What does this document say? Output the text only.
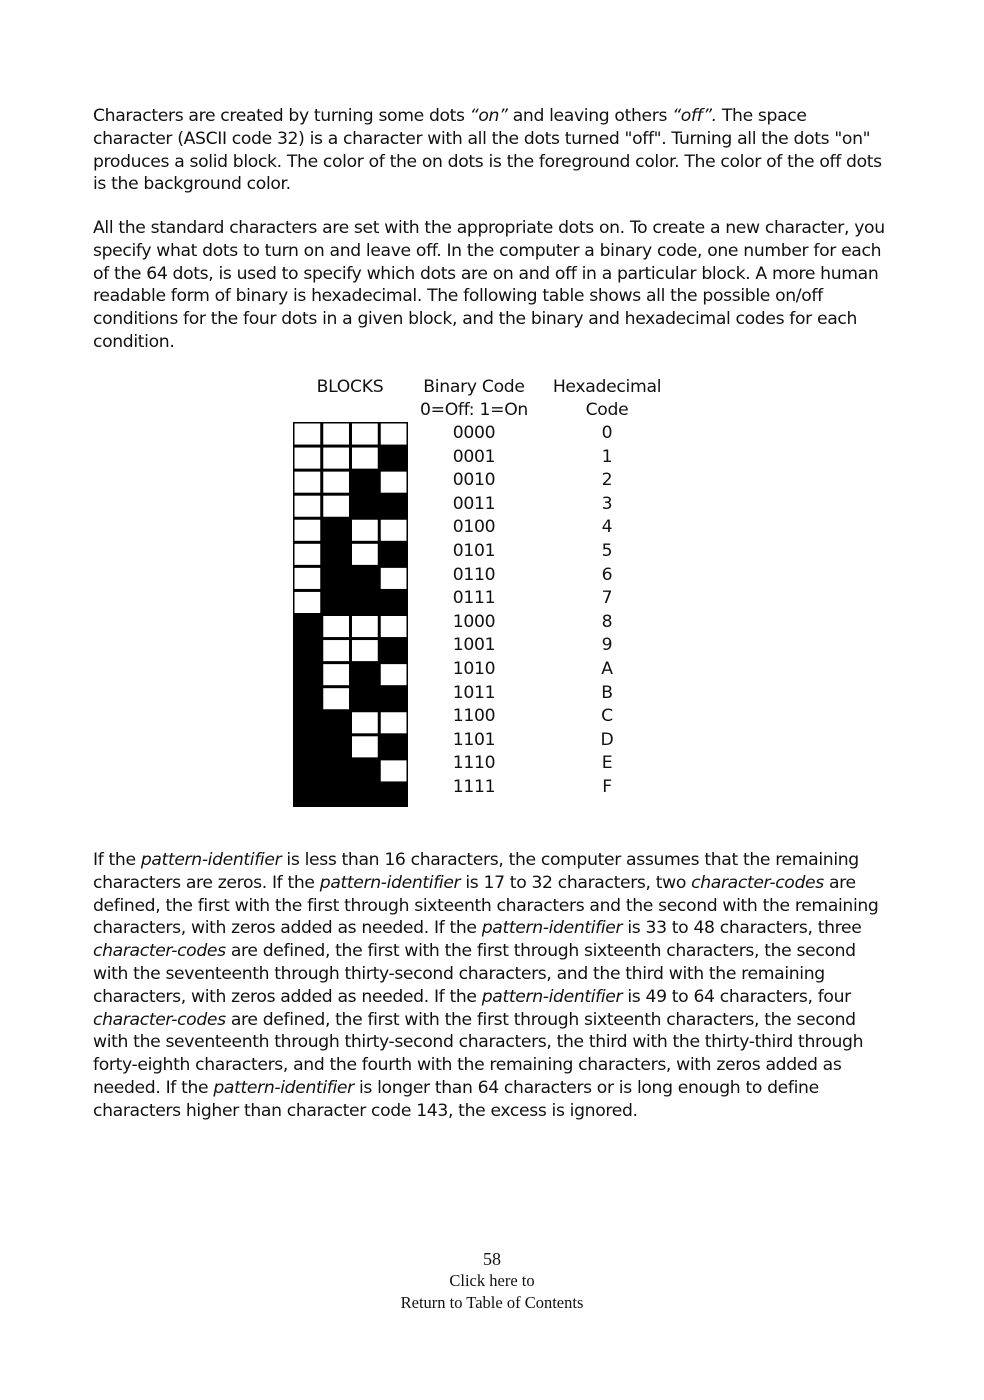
Characters are created by turning some dots “on” and leaving others “off”. The space character (ASCII code 32) is a character with all the dots turned "off". Turning all the dots "on" produces a solid block. The color of the on dots is the foreground color. The color of the off dots is the background color.

All the standard characters are set with the appropriate dots on. To create a new character, you specify what dots to turn on and leave off. In the computer a binary code, one number for each of the 64 dots, is used to specify which dots are on and off in a particular block. A more human readable form of binary is hexadecimal. The following table shows all the possible on/off conditions for the four dots in a given block, and the binary and hexadecimal codes for each condition.

BLOCKS	Binary Code
0=Off: 1=On
Hexadecimal
Code
0000
0001
0010
0011
0100
0101
0110
0111
1000
1001
1010
1011
1100
1101
1110
1111
0
1
2
3
4
5
6
7
8
9
A
B
C
D
E
F

If the pattern-identifier is less than 16 characters, the computer assumes that the remaining characters are zeros. If the pattern-identifier is 17 to 32 characters, two character-codes are defined, the first with the first through sixteenth characters and the second with the remaining characters, with zeros added as needed. If the pattern-identifier is 33 to 48 characters, three character-codes are defined, the first with the first through sixteenth characters, the second with the seventeenth through thirty-second characters, and the third with the remaining characters, with zeros added as needed. If the pattern-identifier is 49 to 64 characters, four character-codes are defined, the first with the first through sixteenth characters, the second with the seventeenth through thirty-second characters, the third with the thirty-third through forty-eighth characters, and the fourth with the remaining characters, with zeros added as needed. If the pattern-identifier is longer than 64 characters or is long enough to define characters higher than character code 143, the excess is ignored.

58
Click here to
Return to Table of Contents
